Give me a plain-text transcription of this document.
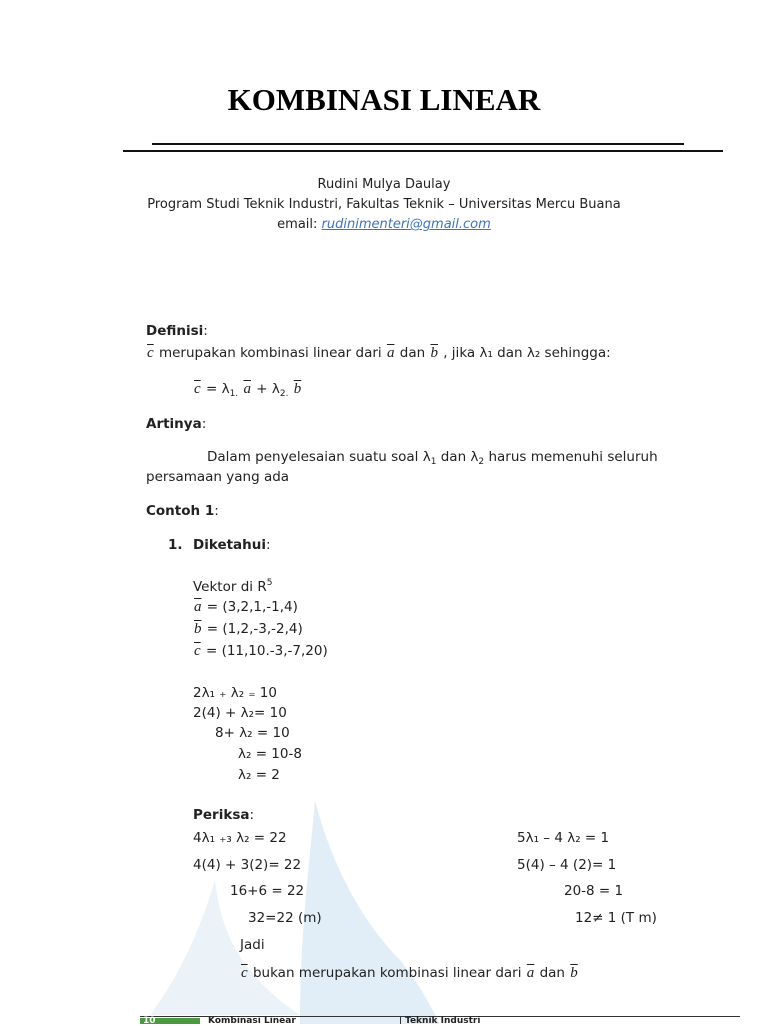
KOMBINASI LINEAR
Rudini Mulya Daulay
Program Studi Teknik Industri, Fakultas Teknik – Universitas Mercu Buana
email: rudinimenteri@gmail.com
Definisi:
$\overline{c}$ merupakan kombinasi linear dari $\overline{a}$ dan $\overline{b}$ , jika λ₁ dan λ₂ sehingga:
$\overline{c} = \lambda_{1.}$ $\overline{a} + \lambda_{2.}$ $\overline{b}$
Artinya:
Dalam penyelesaian suatu soal $\lambda_1$ dan $\lambda_2$ harus memenuhi seluruh
persamaan yang ada
Contoh 1:
1. Diketahui:
Vektor di $R^5$
$\overline{a} = (3,2,1,-1,4)$
$\overline{b} = (1,2,-3,-2,4)$
$\overline{c} = (11,10.-3,-7,20)$
2λ₁ ₊ λ₂ ₌ 10
2(4) + λ₂= 10
8+ λ₂ = 10
λ₂ = 10-8
λ₂ = 2
Periksa:
4λ₁ ₊₃ λ₂ = 22
4(4) + 3(2)= 22
16+6 = 22
32=22 (m)
5λ₁ – 4 λ₂ = 1
5(4) – 4 (2)= 1
20-8 = 1
12≠ 1 (T m)
Jadi
$\overline{c}$ bukan merupakan kombinasi linear dari $\overline{a}$ dan $\overline{b}$
10	Kombinasi Linear	Teknik Industri
